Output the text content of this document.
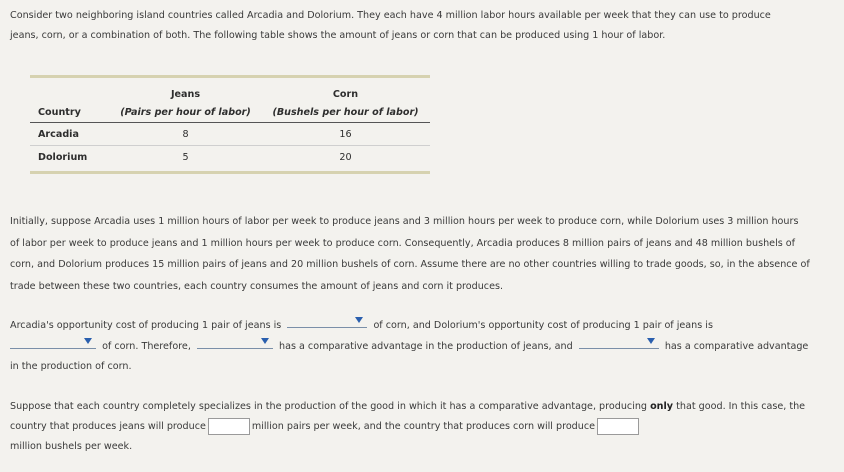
Consider two neighboring island countries called Arcadia and Dolorium. They each have 4 million labor hours available per week that they can use to produce jeans, corn, or a combination of both. The following table shows the amount of jeans or corn that can be produced using 1 hour of labor.

	Jeans	Corn
Country	(Pairs per hour of labor)	(Bushels per hour of labor)
Arcadia	8	16
Dolorium	5	20

Initially, suppose Arcadia uses 1 million hours of labor per week to produce jeans and 3 million hours per week to produce corn, while Dolorium uses 3 million hours of labor per week to produce jeans and 1 million hours per week to produce corn. Consequently, Arcadia produces 8 million pairs of jeans and 48 million bushels of corn, and Dolorium produces 15 million pairs of jeans and 20 million bushels of corn. Assume there are no other countries willing to trade goods, so, in the absence of trade between these two countries, each country consumes the amount of jeans and corn it produces.

Arcadia's opportunity cost of producing 1 pair of jeans is	of corn, and Dolorium's opportunity cost of producing 1 pair of jeans is

of corn. Therefore,	has a comparative advantage in the production of jeans, and	has a comparative advantage in the production of corn.

Suppose that each country completely specializes in the production of the good in which it has a comparative advantage, producing only that good. In this case, the country that produces jeans will produce	million pairs per week, and the country that produces corn will produce
million bushels per week.
